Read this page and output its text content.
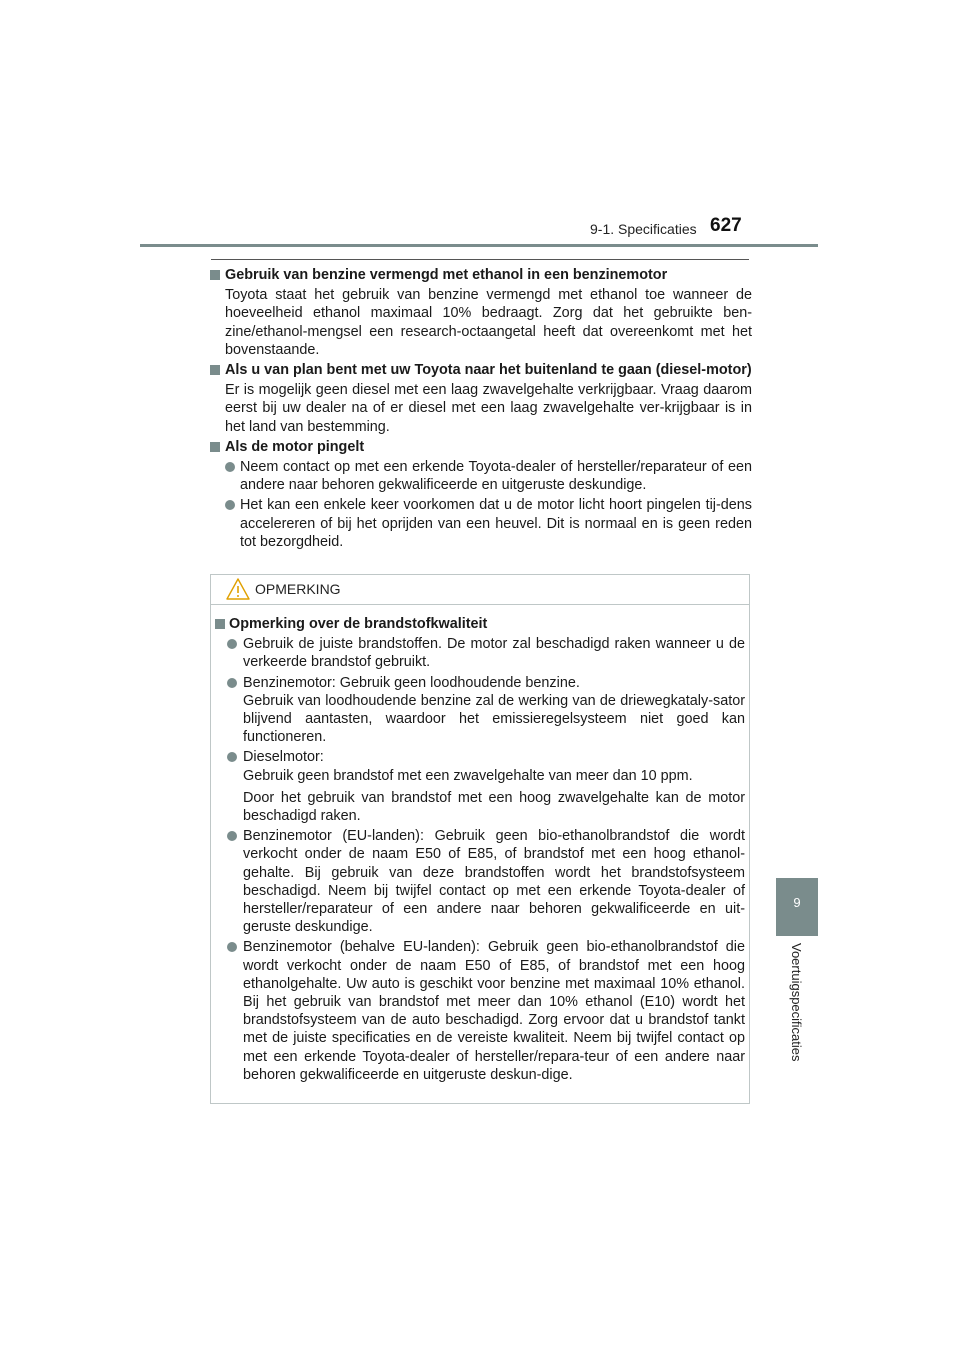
9-1. Specificaties 627
9
Voertuigspecificaties

Gebruik van benzine vermengd met ethanol in een benzinemotor

Toyota staat het gebruik van benzine vermengd met ethanol toe wanneer de hoeveelheid ethanol maximaal 10% bedraagt. Zorg dat het gebruikte ben-zine/ethanol-mengsel een research-octaangetal heeft dat overeenkomt met het bovenstaande.

Als u van plan bent met uw Toyota naar het buitenland te gaan (diesel-motor)

Er is mogelijk geen diesel met een laag zwavelgehalte verkrijgbaar. Vraag daarom eerst bij uw dealer na of er diesel met een laag zwavelgehalte ver-krijgbaar is in het land van bestemming.

Als de motor pingelt

Neem contact op met een erkende Toyota-dealer of hersteller/reparateur of een andere naar behoren gekwalificeerde en uitgeruste deskundige.
Het kan een enkele keer voorkomen dat u de motor licht hoort pingelen tij-dens accelereren of bij het oprijden van een heuvel. Dit is normaal en is geen reden tot bezorgdheid.
OPMERKING

Opmerking over de brandstofkwaliteit

Gebruik de juiste brandstoffen. De motor zal beschadigd raken wanneer u de verkeerde brandstof gebruikt.
Benzinemotor: Gebruik geen loodhoudende benzine.
Gebruik van loodhoudende benzine zal de werking van de driewegkataly-sator blijvend aantasten, waardoor het emissieregelsysteem niet goed kan functioneren.
Dieselmotor:
Gebruik geen brandstof met een zwavelgehalte van meer dan 10 ppm.
Door het gebruik van brandstof met een hoog zwavelgehalte kan de motor beschadigd raken.
Benzinemotor (EU-landen): Gebruik geen bio-ethanolbrandstof die wordt verkocht onder de naam E50 of E85, of brandstof met een hoog ethanol-gehalte. Bij gebruik van deze brandstoffen wordt het brandstofsysteem beschadigd. Neem bij twijfel contact op met een erkende Toyota-dealer of hersteller/reparateur of een andere naar behoren gekwalificeerde en uit-geruste deskundige.
Benzinemotor (behalve EU-landen): Gebruik geen bio-ethanolbrandstof die wordt verkocht onder de naam E50 of E85, of brandstof met een hoog ethanolgehalte. Uw auto is geschikt voor benzine met maximaal 10% ethanol. Bij het gebruik van brandstof met meer dan 10% ethanol (E10) wordt het brandstofsysteem van de auto beschadigd. Zorg ervoor dat u brandstof tankt met de juiste specificaties en de vereiste kwaliteit. Neem bij twijfel contact op met een erkende Toyota-dealer of hersteller/repara-teur of een andere naar behoren gekwalificeerde en uitgeruste deskun-dige.
